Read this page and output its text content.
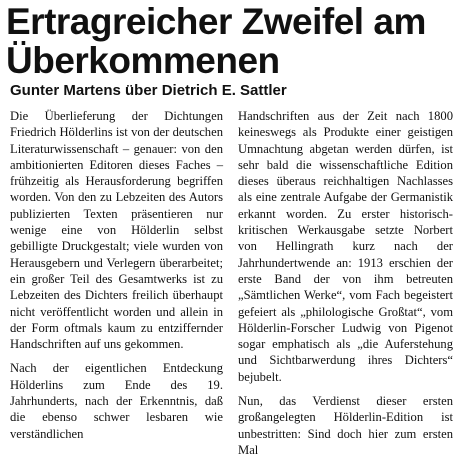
Ertragreicher Zweifel am Überkommenen
Gunter Martens über Dietrich E. Sattler

Die Überlieferung der Dichtungen Friedrich Hölderlins ist von der deutschen Literaturwissenschaft – genauer: von den ambitionierten Editoren dieses Faches – frühzeitig als Herausforderung begriffen worden. Von den zu Lebzeiten des Autors publizierten Texten präsentieren nur wenige eine von Hölderlin selbst gebilligte Druckgestalt; viele wurden von Herausgebern und Verlegern überarbeitet; ein großer Teil des Gesamtwerks ist zu Lebzeiten des Dichters freilich überhaupt nicht veröffentlicht worden und allein in der Form oftmals kaum zu entziffernder Handschriften auf uns gekommen.

Nach der eigentlichen Entdeckung Hölderlins zum Ende des 19. Jahrhunderts, nach der Erkenntnis, daß die ebenso schwer lesbaren wie verständlichen

Handschriften aus der Zeit nach 1800 keineswegs als Produkte einer geistigen Umnachtung abgetan werden dürfen, ist sehr bald die wissenschaftliche Edition dieses überaus reichhaltigen Nachlasses als eine zentrale Aufgabe der Germanistik erkannt worden. Zu erster historisch-kritischen Werkausgabe setzte Norbert von Hellingrath kurz nach der Jahrhundertwende an: 1913 erschien der erste Band der von ihm betreuten „Sämtlichen Werke“, vom Fach begeistert gefeiert als „philologische Großtat“, vom Hölderlin-Forscher Ludwig von Pigenot sogar emphatisch als „die Auferstehung und Sichtbarwerdung ihres Dichters“ bejubelt.

Nun, das Verdienst dieser ersten großangelegten Hölderlin-Edition ist unbestritten: Sind doch hier zum ersten Mal
